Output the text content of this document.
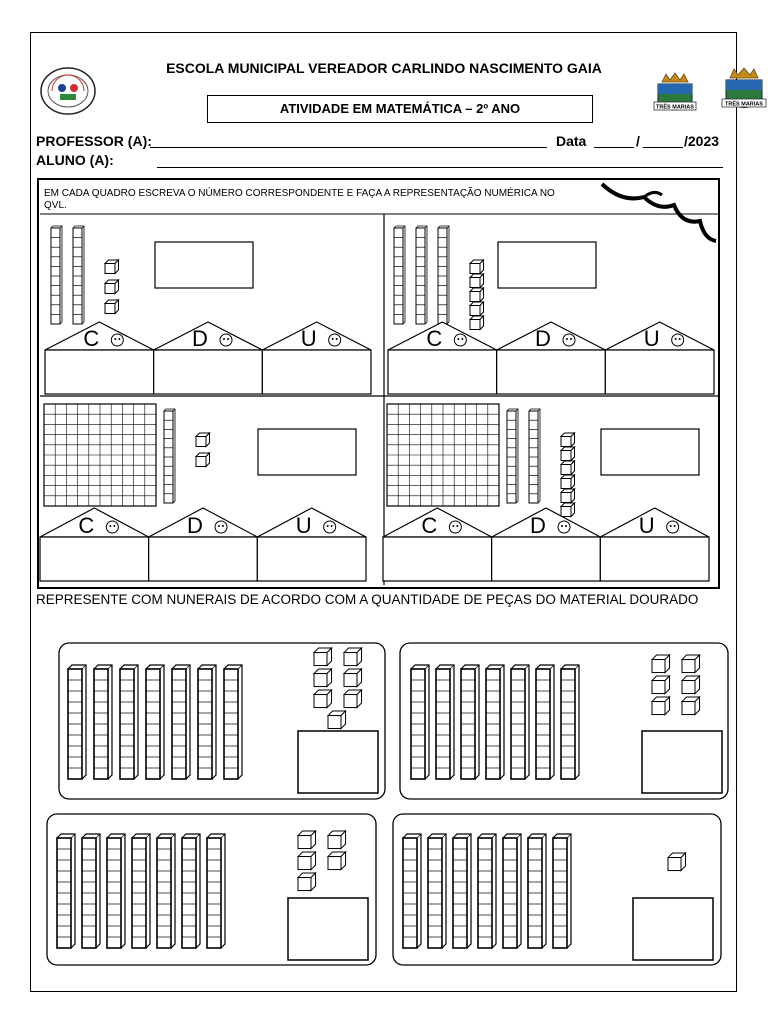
TRÊS MARIAS	TRÊS MARIAS
ESCOLA MUNICIPAL VEREADOR CARLINDO NASCIMENTO GAIA
ATIVIDADE EM MATEMÁTICA – 2º ANO
PROFESSOR (A):	Data	/	/2023
ALUNO (A):
EM CADA QUADRO ESCREVA O NÚMERO CORRESPONDENTE E FAÇA A REPRESENTAÇÃO NUMÉRICA NO QVL.
C	D	U	C	D	U
C	D	U	C	D	U
REPRESENTE COM NUNERAIS DE ACORDO COM A QUANTIDADE DE PEÇAS DO MATERIAL DOURADO
